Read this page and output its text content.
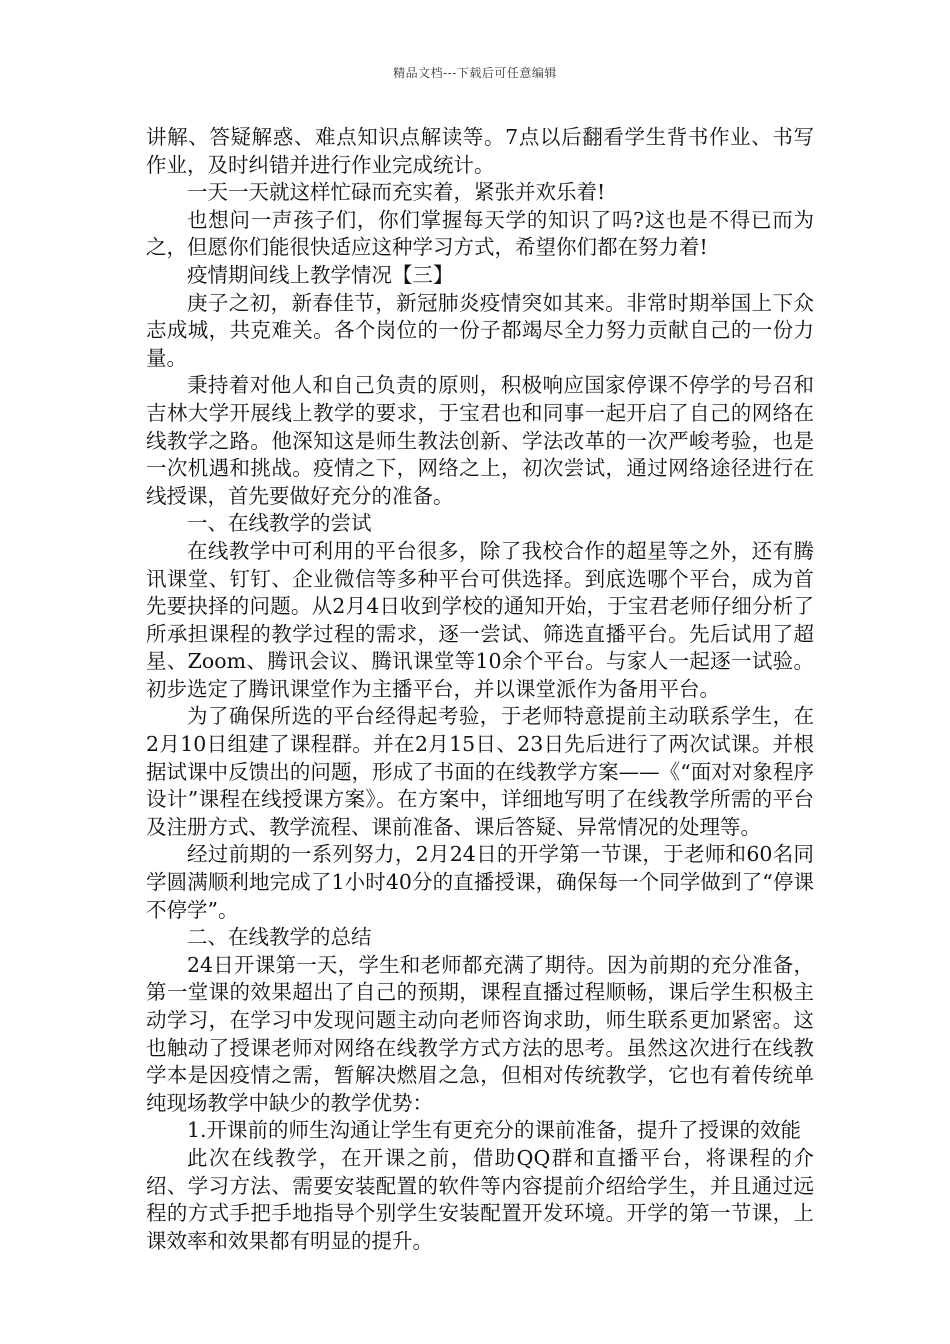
精品文档---下载后可任意编辑

讲解、答疑解惑、难点知识点解读等。7点以后翻看学生背书作业、书写作业，及时纠错并进行作业完成统计。

一天一天就这样忙碌而充实着，紧张并欢乐着!

也想问一声孩子们，你们掌握每天学的知识了吗?这也是不得已而为之，但愿你们能很快适应这种学习方式，希望你们都在努力着!

疫情期间线上教学情况【三】

庚子之初，新春佳节，新冠肺炎疫情突如其来。非常时期举国上下众志成城，共克难关。各个岗位的一份子都竭尽全力努力贡献自己的一份力量。

秉持着对他人和自己负责的原则，积极响应国家停课不停学的号召和吉林大学开展线上教学的要求，于宝君也和同事一起开启了自己的网络在线教学之路。他深知这是师生教法创新、学法改革的一次严峻考验，也是一次机遇和挑战。疫情之下，网络之上，初次尝试，通过网络途径进行在线授课，首先要做好充分的准备。

一、在线教学的尝试

在线教学中可利用的平台很多，除了我校合作的超星等之外，还有腾讯课堂、钉钉、企业微信等多种平台可供选择。到底选哪个平台，成为首先要抉择的问题。从2月4日收到学校的通知开始，于宝君老师仔细分析了所承担课程的教学过程的需求，逐一尝试、筛选直播平台。先后试用了超星、Zoom、腾讯会议、腾讯课堂等10余个平台。与家人一起逐一试验。初步选定了腾讯课堂作为主播平台，并以课堂派作为备用平台。

为了确保所选的平台经得起考验，于老师特意提前主动联系学生，在2月10日组建了课程群。并在2月15日、23日先后进行了两次试课。并根据试课中反馈出的问题，形成了书面的在线教学方案——《“面对对象程序设计”课程在线授课方案》。在方案中，详细地写明了在线教学所需的平台及注册方式、教学流程、课前准备、课后答疑、异常情况的处理等。

经过前期的一系列努力，2月24日的开学第一节课，于老师和60名同学圆满顺利地完成了1小时40分的直播授课，确保每一个同学做到了“停课不停学”。

二、在线教学的总结

24日开课第一天，学生和老师都充满了期待。因为前期的充分准备，第一堂课的效果超出了自己的预期，课程直播过程顺畅，课后学生积极主动学习，在学习中发现问题主动向老师咨询求助，师生联系更加紧密。这也触动了授课老师对网络在线教学方式方法的思考。虽然这次进行在线教学本是因疫情之需，暂解决燃眉之急，但相对传统教学，它也有着传统单纯现场教学中缺少的教学优势：

1.开课前的师生沟通让学生有更充分的课前准备，提升了授课的效能

此次在线教学，在开课之前，借助QQ群和直播平台，将课程的介绍、学习方法、需要安装配置的软件等内容提前介绍给学生，并且通过远程的方式手把手地指导个别学生安装配置开发环境。开学的第一节课，上课效率和效果都有明显的提升。
